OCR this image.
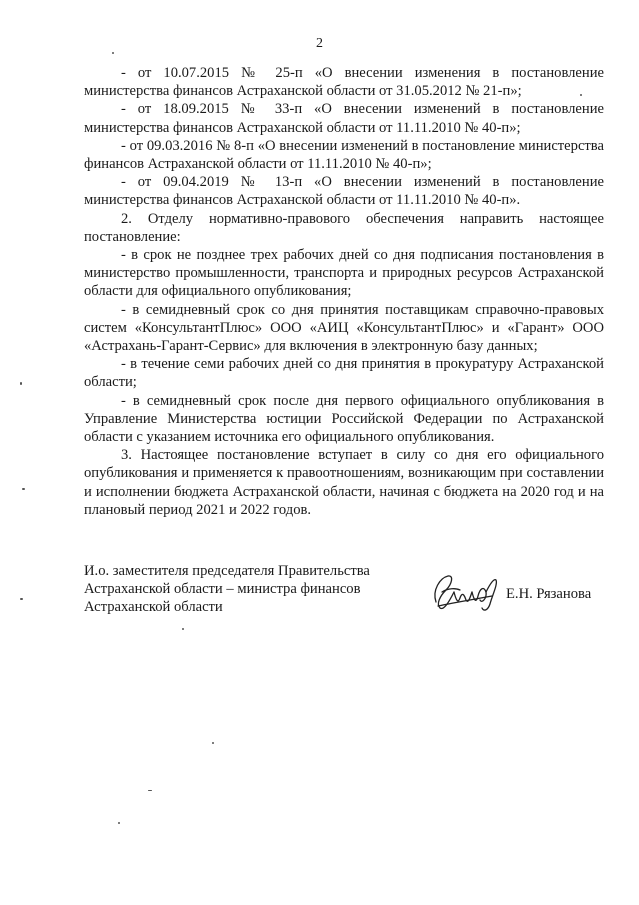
2

- от 10.07.2015 № 25-п «О внесении изменения в постановление министерства финансов Астраханской области от 31.05.2012 № 21-п»;

- от 18.09.2015 № 33-п «О внесении изменений в постановление министерства финансов Астраханской области от 11.11.2010 № 40-п»;

- от 09.03.2016 № 8-п «О внесении изменений в постановление министерства финансов Астраханской области от 11.11.2010 № 40-п»;

- от 09.04.2019 № 13-п «О внесении изменений в постановление министерства финансов Астраханской области от 11.11.2010 № 40-п».

2. Отделу нормативно-правового обеспечения направить настоящее постановление:

- в срок не позднее трех рабочих дней со дня подписания постановления в министерство промышленности, транспорта и природных ресурсов Астраханской области для официального опубликования;

- в семидневный срок со дня принятия поставщикам справочно-правовых систем «КонсультантПлюс» ООО «АИЦ «КонсультантПлюс» и «Гарант» ООО «Астрахань-Гарант-Сервис» для включения в электронную базу данных;

- в течение семи рабочих дней со дня принятия в прокуратуру Астраханской области;

- в семидневный срок после дня первого официального опубликования в Управление Министерства юстиции Российской Федерации по Астраханской области с указанием источника его официального опубликования.

3. Настоящее постановление вступает в силу со дня его официального опубликования и применяется к правоотношениям, возникающим при составлении и исполнении бюджета Астраханской области, начиная с бюджета на 2020 год и на плановый период 2021 и 2022 годов.

И.о. заместителя председателя Правительства
Астраханской области – министра финансов
Астраханской области
Е.Н. Рязанова
